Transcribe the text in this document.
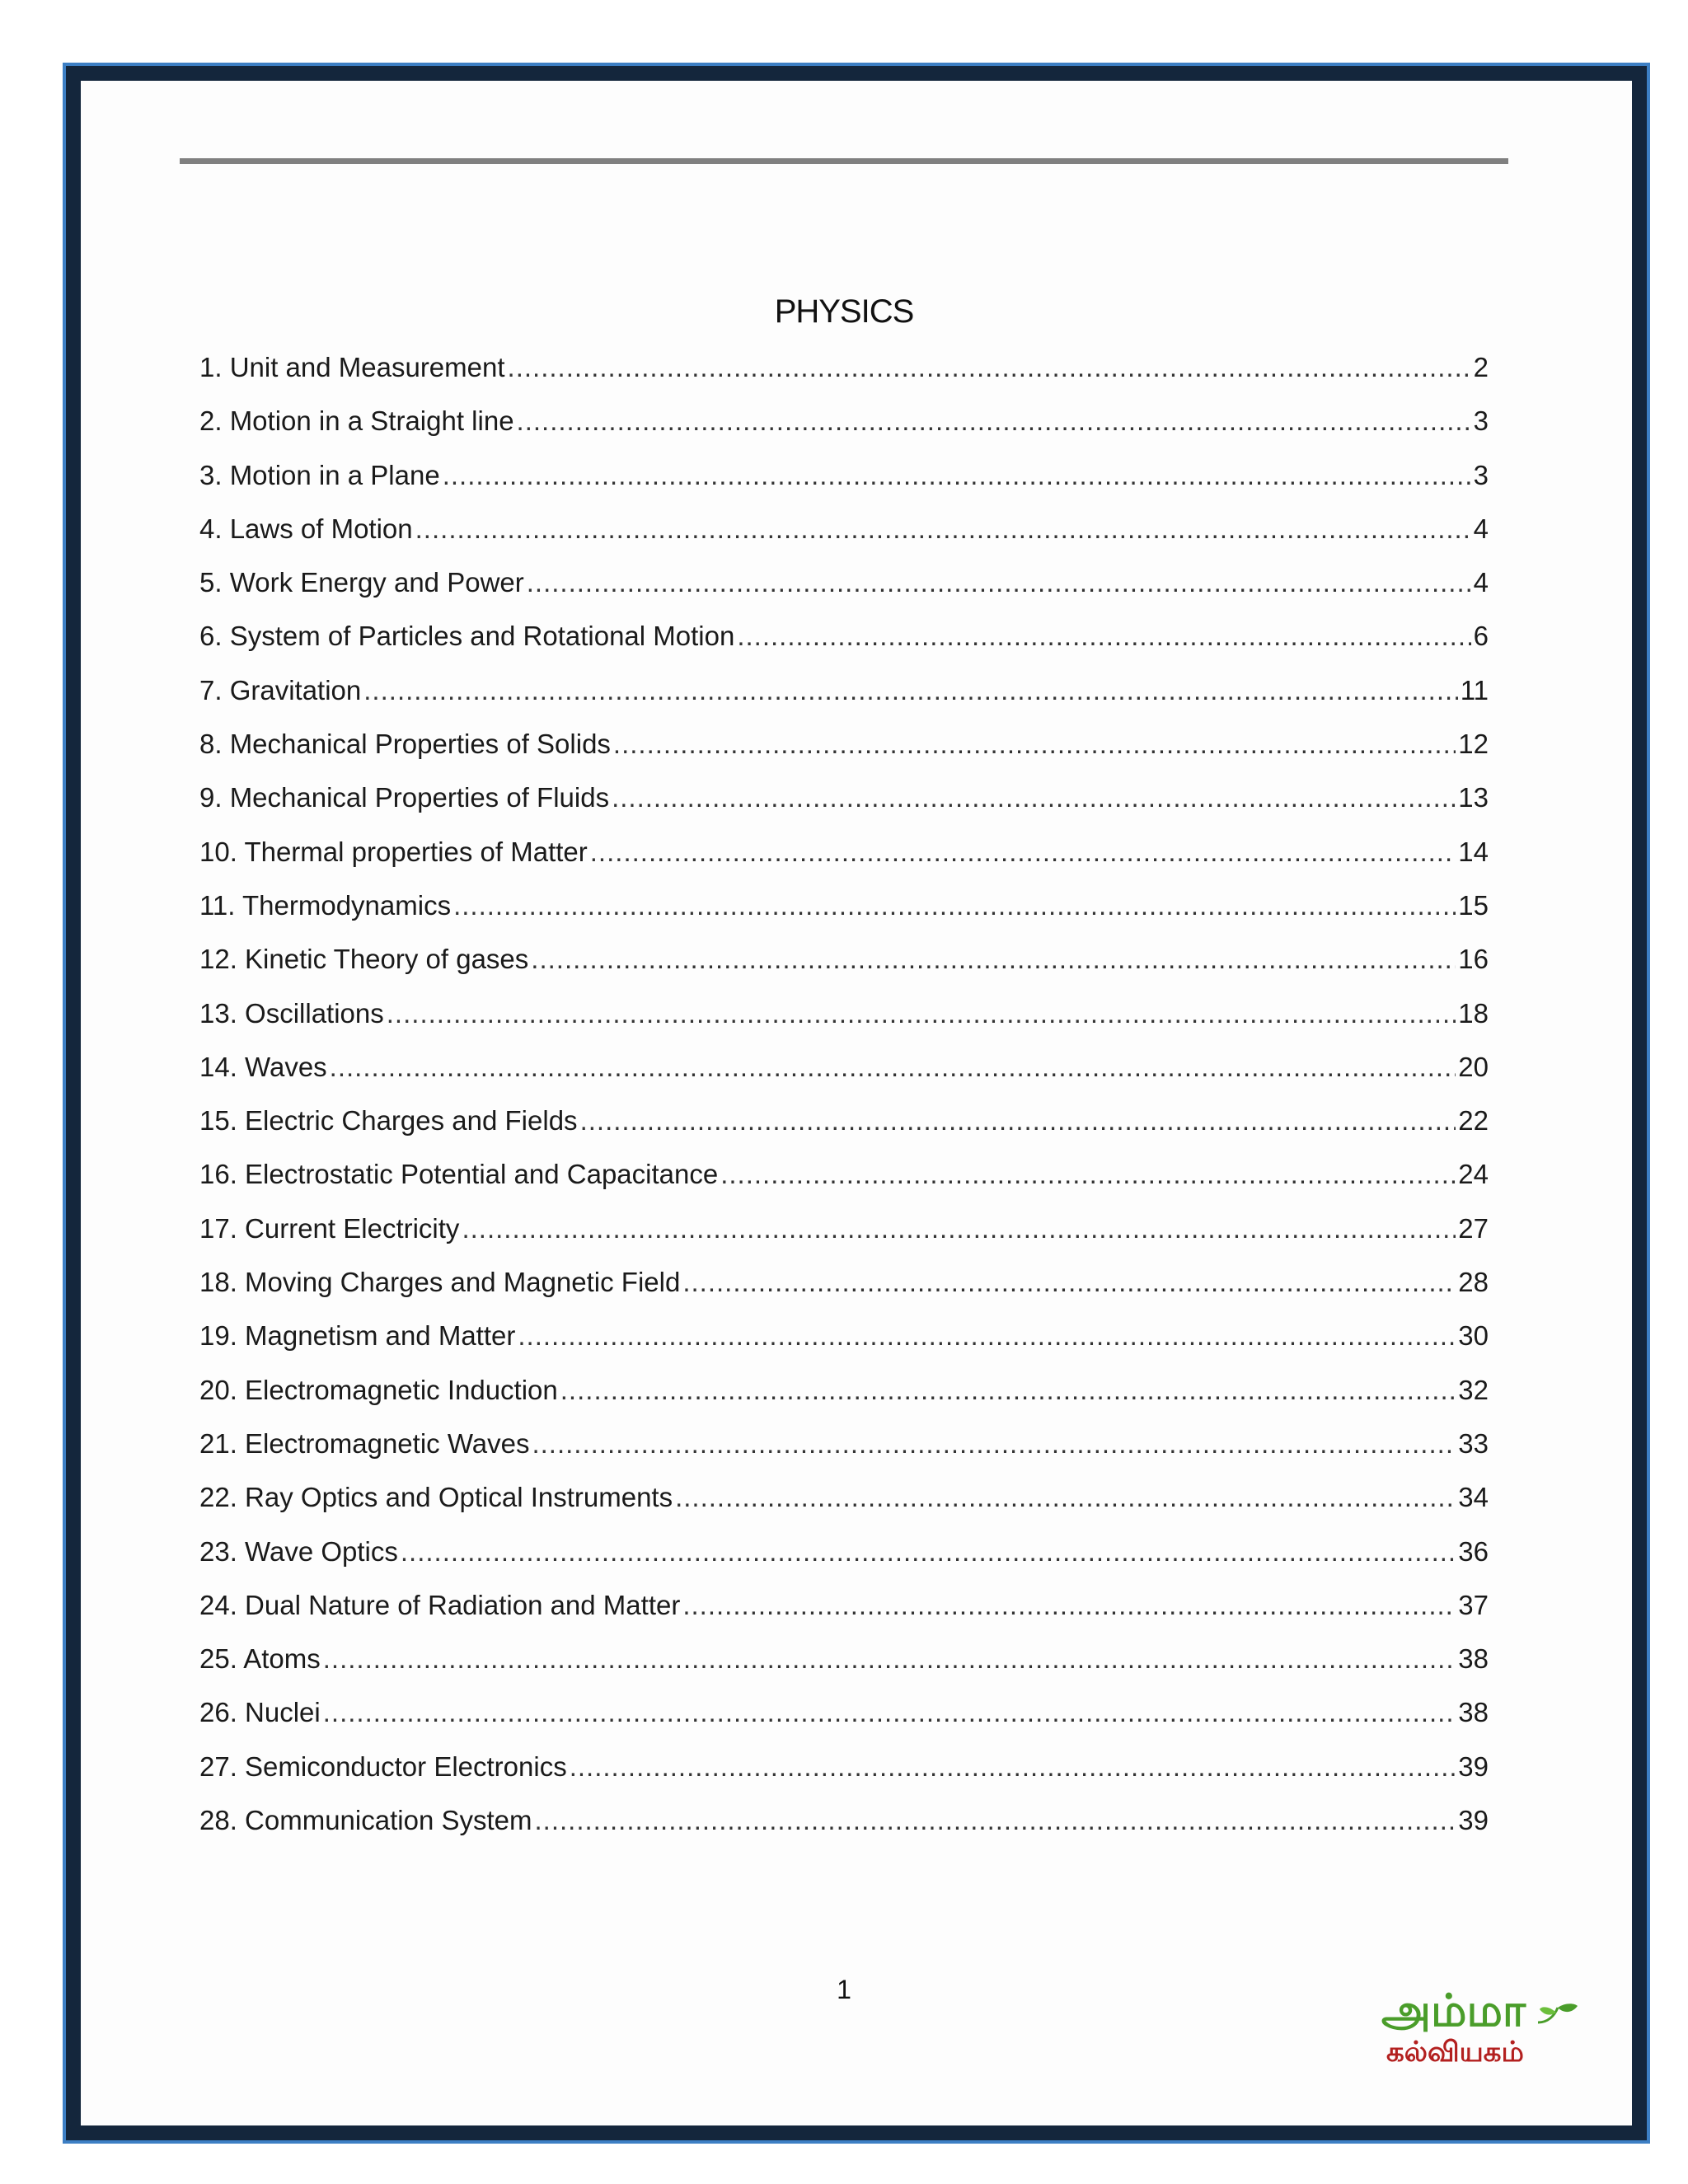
PHYSICS
1. Unit and Measurement .....	2
2. Motion in a Straight line .....	3
3. Motion in a Plane .....	3
4. Laws of Motion .....	4
5. Work Energy and Power .....	4
6. System of Particles and Rotational Motion .....	6
7. Gravitation .....	11
8. Mechanical Properties of Solids .....	12
9. Mechanical Properties of Fluids .....	13
10. Thermal properties of Matter .....	14
11. Thermodynamics .....	15
12. Kinetic Theory of gases .....	16
13. Oscillations .....	18
14. Waves .....	20
15. Electric Charges and Fields .....	22
16. Electrostatic Potential and Capacitance .....	24
17. Current Electricity .....	27
18. Moving Charges and Magnetic Field .....	28
19. Magnetism and Matter .....	30
20. Electromagnetic Induction .....	32
21. Electromagnetic Waves .....	33
22. Ray Optics and Optical Instruments .....	34
23. Wave Optics .....	36
24. Dual Nature of Radiation and Matter .....	37
25. Atoms .....	38
26. Nuclei .....	38
27. Semiconductor Electronics .....	39
28. Communication System .....	39
1	அம்மா
கல்வியகம்
